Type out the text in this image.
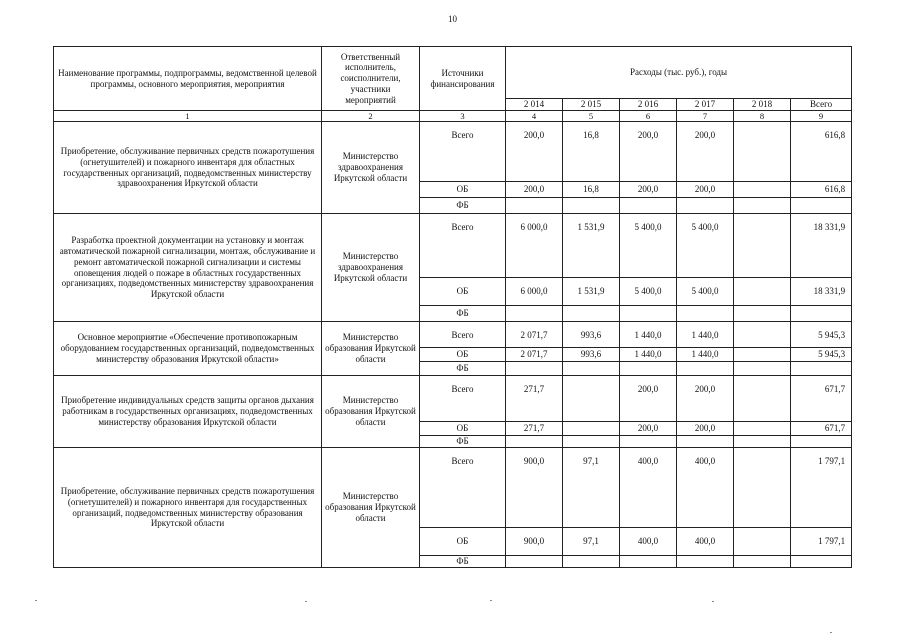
10
Наименование программы, подпрограммы, ведомственной целевой программы, основного мероприятия, мероприятия	Ответственный исполнитель, соисполнители, участники мероприятий	Источники финансирования	Расходы (тыс. руб.), годы					
			2 014	2 015	2 016	2 017	2 018	Всего
1	2	3	4	5	6	7	8	9
Приобретение, обслуживание первичных средств пожаротушения (огнетушителей) и пожарного инвентаря для областных государственных организаций, подведомственных министерству здравоохранения Иркутской области	Министерство здравоохранения Иркутской области	Всего	200,0	16,8	200,0	200,0		616,8
		ОБ	200,0	16,8	200,0	200,0		616,8
		ФБ						
Разработка проектной документации на установку и монтаж автоматической пожарной сигнализации, монтаж, обслуживание и ремонт автоматической пожарной сигнализации и системы оповещения людей о пожаре в областных государственных организациях, подведомственных министерству здравоохранения Иркутской области	Министерство здравоохранения Иркутской области	Всего	6 000,0	1 531,9	5 400,0	5 400,0		18 331,9
		ОБ	6 000,0	1 531,9	5 400,0	5 400,0		18 331,9
		ФБ						
Основное мероприятие «Обеспечение противопожарным оборудованием государственных организаций, подведомственных министерству образования Иркутской области»	Министерство образования Иркутской области	Всего	2 071,7	993,6	1 440,0	1 440,0		5 945,3
		ОБ	2 071,7	993,6	1 440,0	1 440,0		5 945,3
		ФБ						
Приобретение индивидуальных средств защиты органов дыхания работникам в государственных организациях, подведомственных министерству образования Иркутской области	Министерство образования Иркутской области	Всего	271,7		200,0	200,0		671,7
		ОБ	271,7		200,0	200,0		671,7
		ФБ						
Приобретение, обслуживание первичных средств пожаротушения (огнетушителей) и пожарного инвентаря для государственных организаций, подведомственных министерству образования Иркутской области	Министерство образования Иркутской области	Всего	900,0	97,1	400,0	400,0		1 797,1
		ОБ	900,0	97,1	400,0	400,0		1 797,1
		ФБ						
